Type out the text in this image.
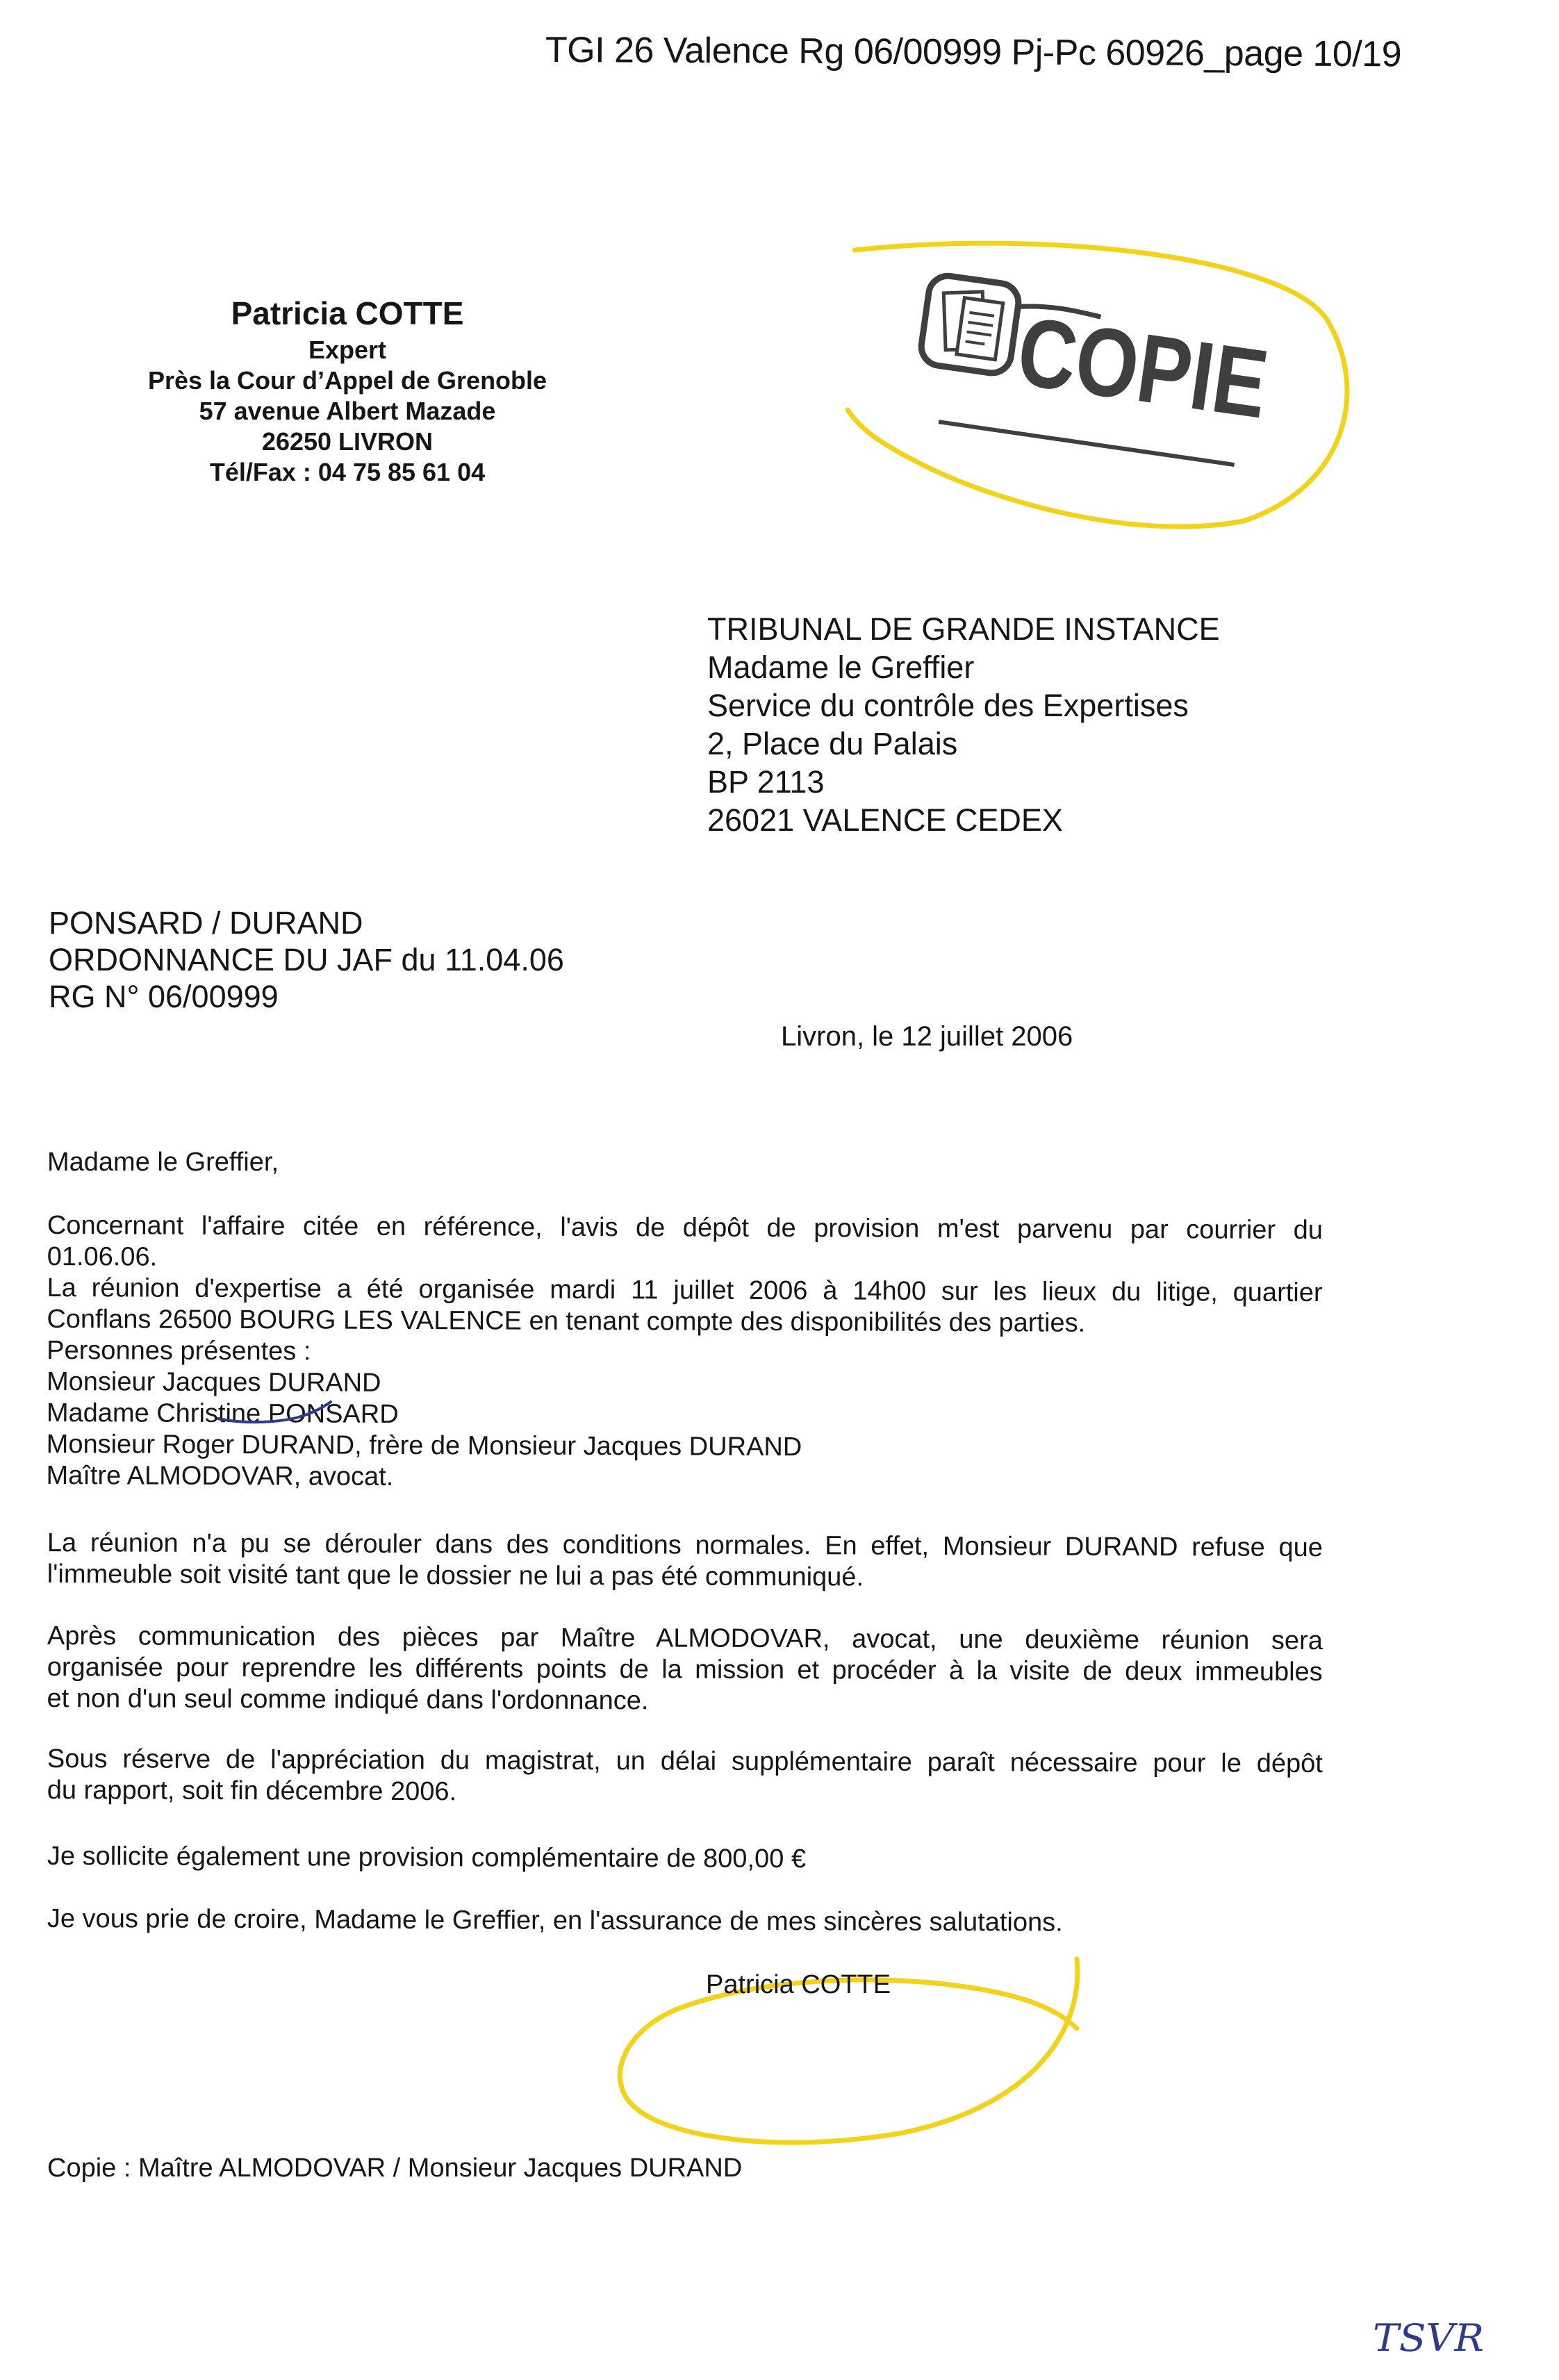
TGI 26 Valence Rg 06/00999 Pj-Pc 60926_page 10/19
Patricia COTTE
Expert
Près la Cour d’Appel de Grenoble
57 avenue Albert Mazade
26250 LIVRON
Tél/Fax : 04 75 85 61 04
COPIE
TRIBUNAL DE GRANDE INSTANCE
Madame le Greffier
Service du contrôle des Expertises
2, Place du Palais
BP 2113
26021 VALENCE CEDEX
PONSARD / DURAND
ORDONNANCE DU JAF du 11.04.06
RG N° 06/00999
Livron, le 12 juillet 2006
Madame le Greffier,
Concernant l'affaire citée en référence, l'avis de dépôt de provision m'est parvenu par courrier du
01.06.06.
La réunion d'expertise a été organisée mardi 11 juillet 2006 à 14h00 sur les lieux du litige, quartier
Conflans 26500 BOURG LES VALENCE en tenant compte des disponibilités des parties.
Personnes présentes :
Monsieur Jacques DURAND
Madame Christine PONSARD
Monsieur Roger DURAND, frère de Monsieur Jacques DURAND
Maître ALMODOVAR, avocat.
La réunion n'a pu se dérouler dans des conditions normales. En effet, Monsieur DURAND refuse que
l'immeuble soit visité tant que le dossier ne lui a pas été communiqué.
Après communication des pièces par Maître ALMODOVAR, avocat, une deuxième réunion sera
organisée pour reprendre les différents points de la mission et procéder à la visite de deux immeubles
et non d'un seul comme indiqué dans l'ordonnance.
Sous réserve de l'appréciation du magistrat, un délai supplémentaire paraît nécessaire pour le dépôt
du rapport, soit fin décembre 2006.
Je sollicite également une provision complémentaire de 800,00 €
Je vous prie de croire, Madame le Greffier, en l'assurance de mes sincères salutations.
Patricia COTTE
Copie : Maître ALMODOVAR / Monsieur Jacques DURAND
TSVR
